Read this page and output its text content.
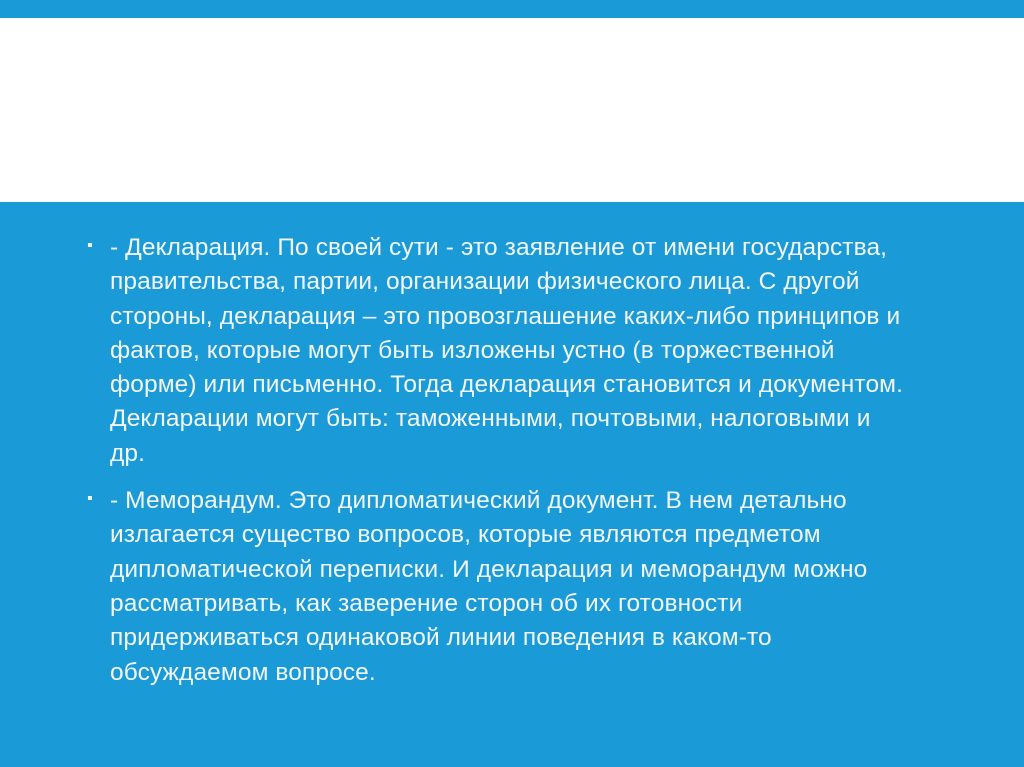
▪ - Декларация. По своей сути - это заявление от имени государства, правительства, партии, организации физического лица. С другой стороны, декларация – это провозглашение каких-либо принципов и фактов, которые могут быть изложены устно (в торжественной форме) или письменно. Тогда декларация становится и документом. Декларации могут быть: таможенными, почтовыми, налоговыми и др.
▪ - Меморандум. Это дипломатический документ. В нем детально излагается существо вопросов, которые являются предметом дипломатической переписки. И декларация и меморандум можно рассматривать, как заверение сторон об их готовности придерживаться одинаковой линии поведения в каком-то обсуждаемом вопросе.
